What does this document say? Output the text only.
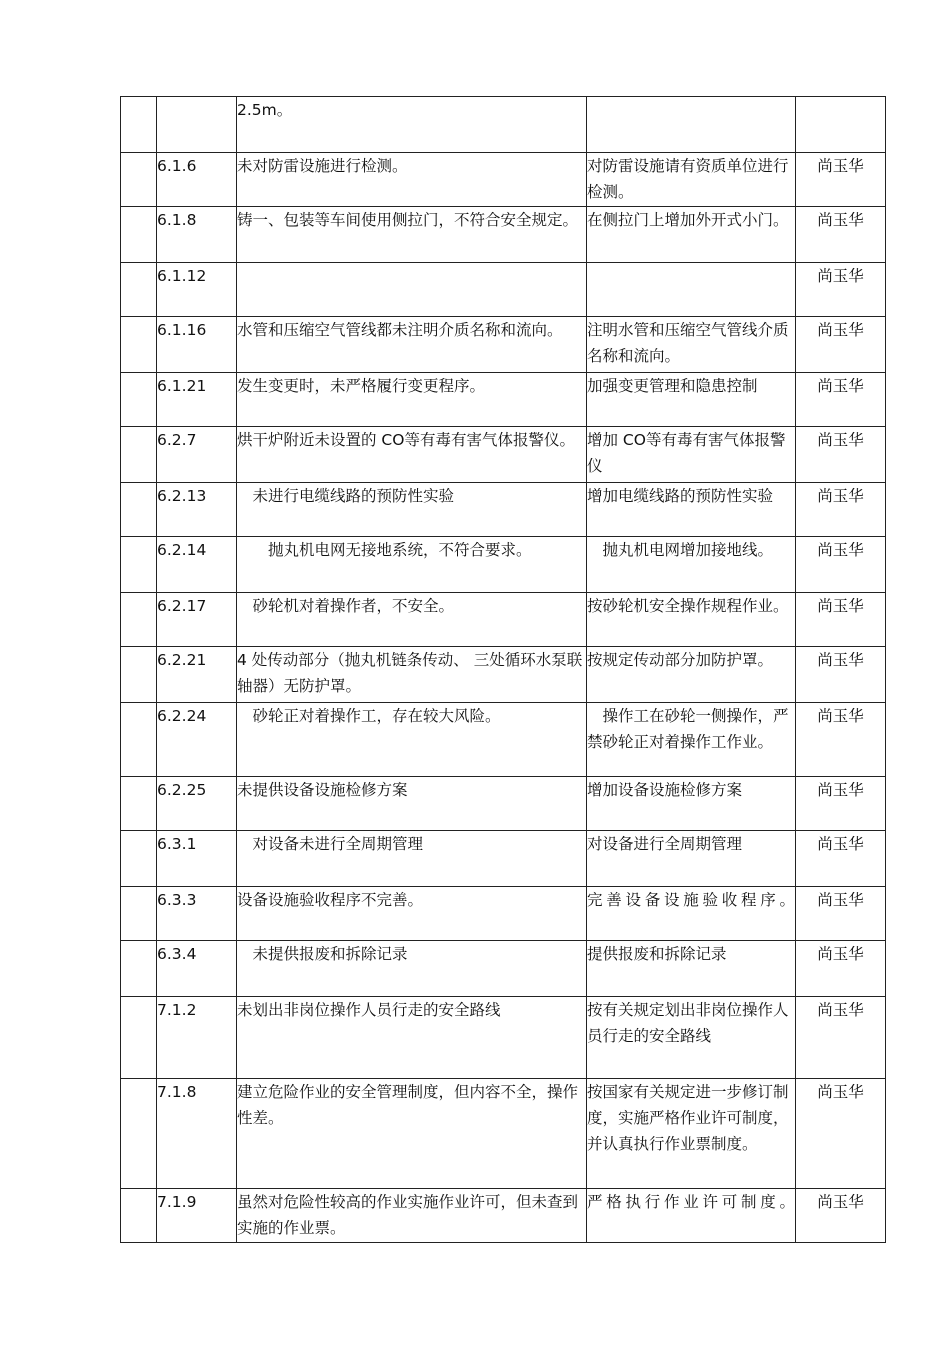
		2.5m。		

	6.1.6	未对防雷设施进行检测。	对防雷设施请有资质单位进行检测。	尚玉华

	6.1.8	铸一、包装等车间使用侧拉门，不符合安全规定。	在侧拉门上增加外开式小门。	尚玉华

	6.1.12			尚玉华

	6.1.16	水管和压缩空气管线都未注明介质名称和流向。	注明水管和压缩空气管线介质名称和流向。	尚玉华

	6.1.21	发生变更时，未严格履行变更程序。	加强变更管理和隐患控制	尚玉华

	6.2.7	烘干炉附近未设置的 CO等有毒有害气体报警仪。	增加 CO等有毒有害气体报警仪	尚玉华

	6.2.13	　未进行电缆线路的预防性实验	增加电缆线路的预防性实验	尚玉华

	6.2.14	　　抛丸机电网无接地系统，不符合要求。	　抛丸机电网增加接地线。	尚玉华

	6.2.17	　砂轮机对着操作者，不安全。	按砂轮机安全操作规程作业。	尚玉华

	6.2.21	4 处传动部分（抛丸机链条传动、 三处循环水泵联轴器）无防护罩。	按规定传动部分加防护罩。	尚玉华

	6.2.24	　砂轮正对着操作工，存在较大风险。	　操作工在砂轮一侧操作，严禁砂轮正对着操作工作业。	尚玉华

	6.2.25	未提供设备设施检修方案	增加设备设施检修方案	尚玉华

	6.3.1	　对设备未进行全周期管理	对设备进行全周期管理	尚玉华

	6.3.3	设备设施验收程序不完善。	完善设备设施验收程序。	尚玉华

	6.3.4	　未提供报废和拆除记录	提供报废和拆除记录	尚玉华

	7.1.2	未划出非岗位操作人员行走的安全路线	按有关规定划出非岗位操作人员行走的安全路线	尚玉华

	7.1.8	建立危险作业的安全管理制度，但内容不全，操作性差。	按国家有关规定进一步修订制度，实施严格作业许可制度，并认真执行作业票制度。	尚玉华

	7.1.9	虽然对危险性较高的作业实施作业许可，但未查到实施的作业票。	严格执行作业许可制度。	尚玉华
